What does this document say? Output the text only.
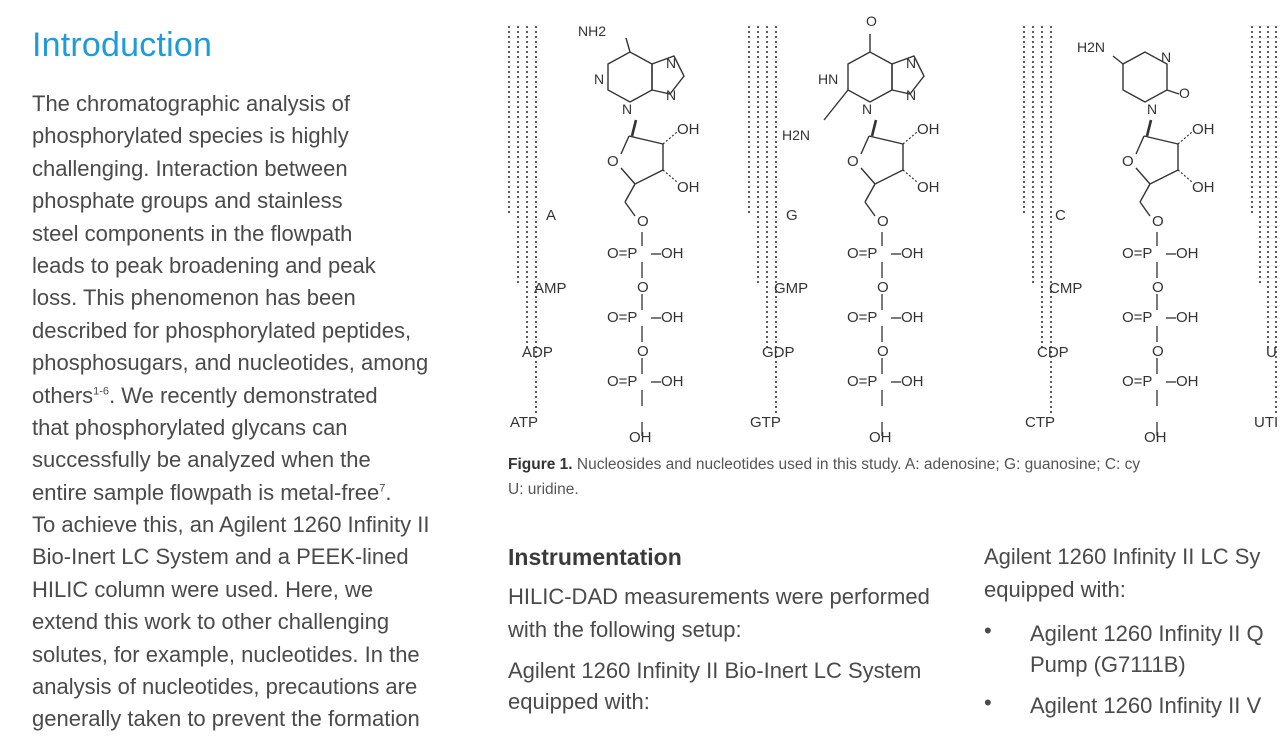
Introduction
The chromatographic analysis of
phosphorylated species is highly
challenging. Interaction between
phosphate groups and stainless
steel components in the flowpath
leads to peak broadening and peak
loss. This phenomenon has been
described for phosphorylated peptides,
phosphosugars, and nucleotides, among
others$^{1-6}$. We recently demonstrated
that phosphorylated glycans can
successfully be analyzed when the
entire sample flowpath is metal-free$^7$.
To achieve this, an Agilent 1260 Infinity II
Bio-Inert LC System and a PEEK-lined
HILIC column were used. Here, we
extend this work to other challenging
solutes, for example, nucleotides. In the
analysis of nucleotides, precautions are
generally taken to prevent the formation
A
AMP
ADP
ATP
N
N
N
N
NH2
O
OH
OH
O
O=P OH
O
O=P OH
O
O=P OH
OH
G
GMP
GDP
GTP
N
N
HN
O
H2N
N
O
OH
OH
O
O=P OH
O
O=P OH
O
O=P OH
OH
C
CMP
CDP
CTP
H2N
N
O
N
O
OH
OH
O
O=P OH
O
O=P OH
O
O=P OH
OH
U
UTI
Figure 1. Nucleosides and nucleotides used in this study. A: adenosine; G: guanosine; C: cy
U: uridine.
Instrumentation

HILIC-DAD measurements were performed with the following setup:

Agilent 1260 Infinity II Bio-Inert LC System equipped with:

Agilent 1260 Infinity II LC Sy
equipped with:

• Agilent 1260 Infinity II Q
Pump (G7111B)
• Agilent 1260 Infinity II V
